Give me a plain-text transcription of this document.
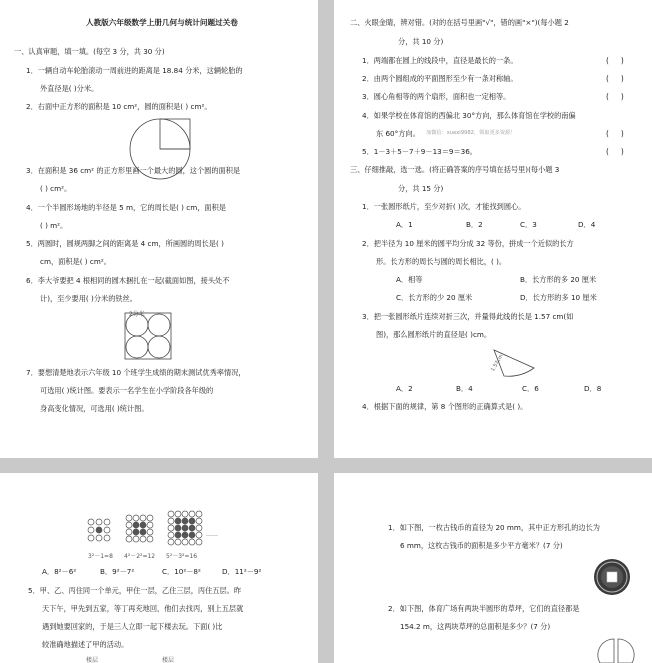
人教版六年级数学上册几何与统计问题过关卷
一、认真审题，填一填。(每空 3 分，共 30 分)
1．一辆自动车轮胎滚动一周前进的距离是 18.84 分米，这辆轮胎的
外直径是( )分米。
2．右面中正方形的面积是 10 cm²，圆的面积是( ) cm²。
3．在面积是 36 cm² 的正方形里画一个最大的圆，这个圆的面积是
( ) cm²。
4．一个半圆形场地的半径是 5 m，它的周长是( ) cm，面积是
( ) m²。
5．两圆时，圆规两脚之间的距离是 4 cm，所画圆的周长是( )
cm，面积是( ) cm²。
6．李大爷要把 4 根相同的圆木捆扎在一起(截面如图，接头处不
计)，至少要用( )分米的铁丝。
2分米
7．要想清楚地表示六年级 10 个班学生成绩的期末测试优秀率情况，
可选用( )统计图。要表示一名学生在小学阶段各年级的
身高变化情况，可选用( )统计图。
二、火眼金睛，辨对错。(对的在括号里画"√"，错的画"×")(每小题 2
分，共 10 分)
1．两端都在圆上的线段中，直径是最长的一条。	(     )
2．由两个圆组成的平面图形至少有一条对称轴。	(     )
3．圆心角相等的两个扇形，面积也一定相等。	(     )
4．如果学校在体育馆的西偏北 30°方向，那么体育馆在学校的南偏
东 60°方向。 加微信：xuexi9982，领取更多资源！	(     )
5．1－3＋5－7＋9－13＝9＝36。	(     )
三、仔细推敲，选一选。(将正确答案的序号填在括号里)(每小题 3
分，共 15 分)
1．一张圆形纸片，至少对折( )次，才能找到圆心。
A．1	B．2	C．3	D．4
2．把半径为 10 厘米的圆平均分成 32 等份，拼成一个近似的长方
形。长方形的周长与圆的周长相比，( )。
A．相等	B．长方形的多 20 厘米
C．长方形的少 20 厘米	D．长方形的多 10 厘米
3．把一张圆形纸片连续对折三次，并量得此线的长是 1.57 cm(如
图)，那么圆形纸片的直径是( )cm。
1.57cm
A．2	B．4	C．6	D．8
4．根据下面的规律，第 8 个图形的正确算式是( )。
3²－1=8 4²－2²=12 5²－3²=16
……
A．8²－6²	B．9²－7²	C．10²－8²	D．11²－9²
5．甲、乙、丙住同一个单元，甲住一层，乙住三层，丙住五层。昨
天下午，甲先到五家，等丁再充地回，他们去找丙，别上五层就
遇到她要回家的，于是三人立即一起下楼去玩。下面( )比
较准确地描述了甲的活动。
楼层	楼层
1．如下图，一枚古钱币的直径为 20 mm，其中正方形孔的边长为
6 mm，这枚古钱币的面积是多少平方毫米？(7 分)
2．如下图，体育广场有两块半圆形的草坪，它们的直径都是
154.2 m，这两块草坪的总面积是多少？(7 分)
